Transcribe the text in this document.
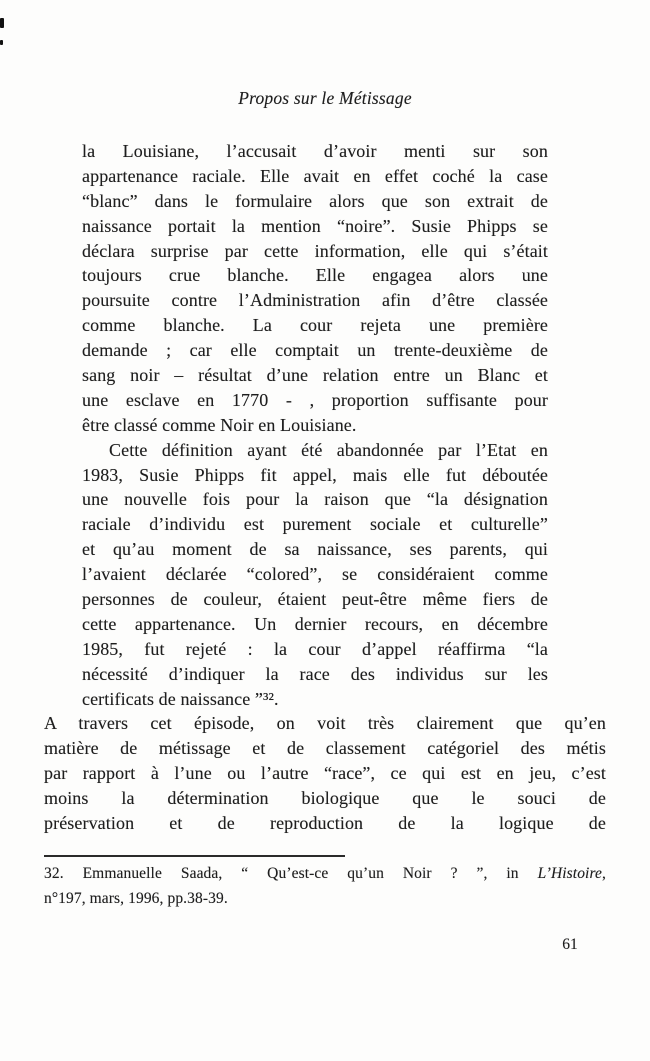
Propos sur le Métissage
la Louisiane, l’accusait d’avoir menti sur son
appartenance raciale. Elle avait en effet coché la case
“blanc” dans le formulaire alors que son extrait de
naissance portait la mention “noire”. Susie Phipps se
déclara surprise par cette information, elle qui s’était
toujours crue blanche. Elle engagea alors une
poursuite contre l’Administration afin d’être classée
comme blanche. La cour rejeta une première
demande ; car elle comptait un trente-deuxième de
sang noir – résultat d’une relation entre un Blanc et
une esclave en 1770 - , proportion suffisante pour
être classé comme Noir en Louisiane.
Cette définition ayant été abandonnée par l’Etat en
1983, Susie Phipps fit appel, mais elle fut déboutée
une nouvelle fois pour la raison que “la désignation
raciale d’individu est purement sociale et culturelle”
et qu’au moment de sa naissance, ses parents, qui
l’avaient déclarée “colored”, se considéraient comme
personnes de couleur, étaient peut-être même fiers de
cette appartenance. Un dernier recours, en décembre
1985, fut rejeté : la cour d’appel réaffirma “la
nécessité d’indiquer la race des individus sur les
certificats de naissance ”³².
A travers cet épisode, on voit très clairement que qu’en
matière de métissage et de classement catégoriel des métis
par rapport à l’une ou l’autre “race”, ce qui est en jeu, c’est
moins la détermination biologique que le souci de
préservation et de reproduction de la logique de
32. Emmanuelle Saada, “ Qu’est-ce qu’un Noir ? ”, in L’Histoire,
n°197, mars, 1996, pp.38-39.
61
